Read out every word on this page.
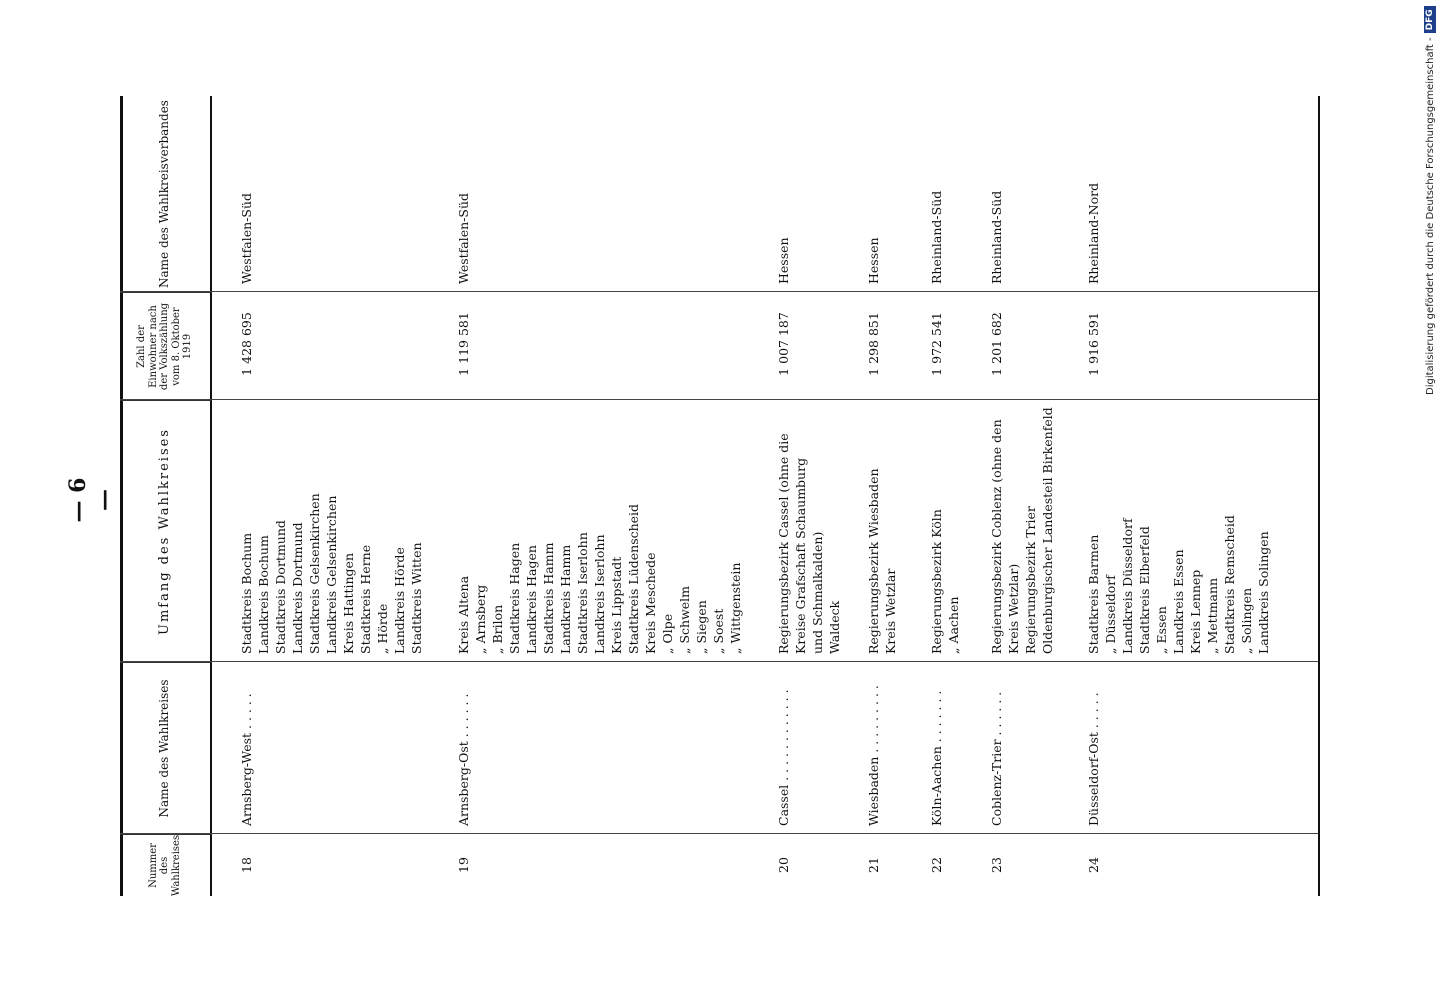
— 6 —
Digitalisierung gefördert durch die Deutsche Forschungsgemeinschaft -
DFG
Nummer des Wahlkreises
Name des Wahlkreises
Umfang des Wahlkreises
Zahl der Einwohner nach der Volkszählung vom 8. Oktober 1919
Name des Wahlkreisverbandes
18
Arnsberg-West . . . . .
1 428 695
Westfalen-Süd
Stadtkreis Bochum Landkreis Bochum Stadtkreis Dortmund Landkreis Dortmund Stadtkreis Gelsenkirchen Landkreis Gelsenkirchen Kreis Hattingen Stadtkreis Herne „ Hörde Landkreis Hörde Stadtkreis Witten
19
Arnsberg-Ost . . . . . .
1 119 581
Westfalen-Süd
Kreis Altena „ Arnsberg „ Brilon Stadtkreis Hagen Landkreis Hagen Stadtkreis Hamm Landkreis Hamm Stadtkreis Iserlohn Landkreis Iserlohn Kreis Lippstadt Stadtkreis Lüdenscheid Kreis Meschede „ Olpe „ Schwelm „ Siegen „ Soest „ Wittgenstein
20
Cassel . . . . . . . . . . . .
1 007 187
Hessen
Regierungsbezirk Cassel (ohne die Kreise Grafschaft Schaumburg und Schmalkalden) Waldeck
21
Wiesbaden . . . . . . . . .
1 298 851
Hessen
Regierungsbezirk Wiesbaden Kreis Wetzlar
22
Köln-Aachen . . . . . . .
1 972 541
Rheinland-Süd
Regierungsbezirk Köln „ Aachen
23
Coblenz-Trier . . . . . .
1 201 682
Rheinland-Süd
Regierungsbezirk Coblenz (ohne den Kreis Wetzlar) Regierungsbezirk Trier Oldenburgischer Landesteil Birkenfeld
24
Düsseldorf-Ost . . . . .
1 916 591
Rheinland-Nord
Stadtkreis Barmen „ Düsseldorf Landkreis Düsseldorf Stadtkreis Elberfeld „ Essen Landkreis Essen Kreis Lennep „ Mettmann Stadtkreis Remscheid „ Solingen Landkreis Solingen
